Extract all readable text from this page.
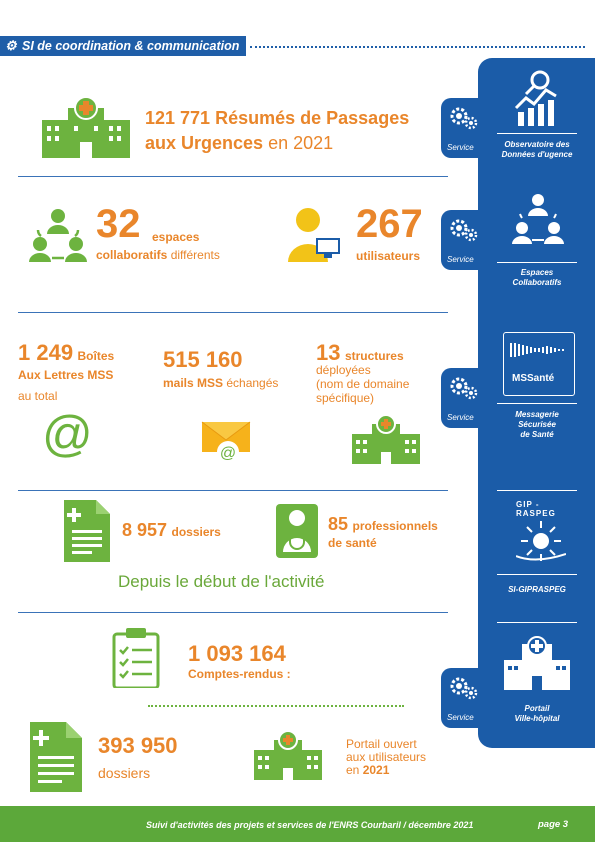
⚙ SI de coordination & communication
Service
Service
Service
Service
Observatoire des
Données d'ugence
Espaces
Collaboratifs
MSSanté
Messagerie
Sécurisée
de Santé
GIP - RASPEG
SI-GIPRASPEG
Portail
Ville-hôpital
121 771 Résumés de Passages
aux Urgences en 2021
32 espaces
collaboratifs différents
267
utilisateurs
1 249 Boîtes
Aux Lettres MSS
au total
@
515 160
mails MSS échangés
@
13 structures
déployées
(nom de domaine
spécifique)
8 957 dossiers	85 professionnels
de santé
Depuis le début de l'activité
1 093 164
Comptes-rendus :
393 950
dossiers
Portail ouvert
aux utilisateurs
en 2021
Suivi d'activités des projets et services de l'ENRS Courbaril / décembre 2021	page 3
